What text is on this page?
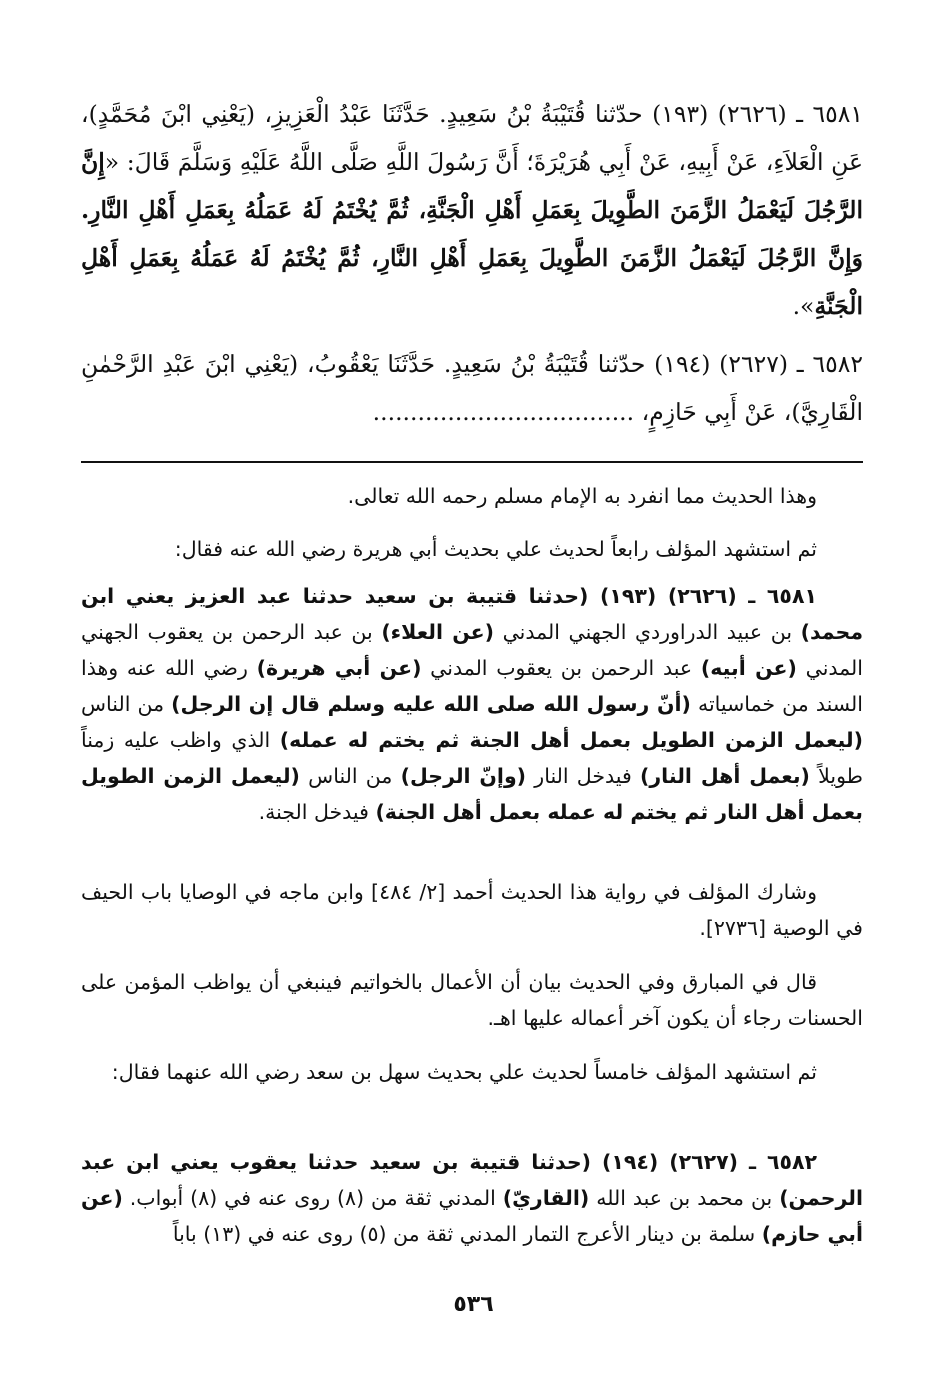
٦٥٨١ ـ (٢٦٢٦) (١٩٣) حدّثنا قُتَيْبَةُ بْنُ سَعِيدٍ. حَدَّثَنَا عَبْدُ الْعَزِيزِ، (يَعْنِي ابْنَ مُحَمَّدٍ)، عَنِ الْعَلاَءِ، عَنْ أَبِيهِ، عَنْ أَبِي هُرَيْرَةَ؛ أَنَّ رَسُولَ اللَّهِ صَلَّى اللَّهُ عَلَيْهِ وَسَلَّمَ قَالَ: «إِنَّ الرَّجُلَ لَيَعْمَلُ الزَّمَنَ الطَّوِيلَ بِعَمَلِ أَهْلِ الْجَنَّةِ، ثُمَّ يُخْتَمُ لَهُ عَمَلُهُ بِعَمَلِ أَهْلِ النَّارِ. وَإِنَّ الرَّجُلَ لَيَعْمَلُ الزَّمَنَ الطَّوِيلَ بِعَمَلِ أَهْلِ النَّارِ، ثُمَّ يُخْتَمُ لَهُ عَمَلُهُ بِعَمَلِ أَهْلِ الْجَنَّةِ».
٦٥٨٢ ـ (٢٦٢٧) (١٩٤) حدّثنا قُتَيْبَةُ بْنُ سَعِيدٍ. حَدَّثَنَا يَعْقُوبُ، (يَعْنِي ابْنَ عَبْدِ الرَّحْمٰنِ الْقَارِيَّ)، عَنْ أَبِي حَازِمٍ، ...................................
وهذا الحديث مما انفرد به الإمام مسلم رحمه الله تعالى.
ثم استشهد المؤلف رابعاً لحديث علي بحديث أبي هريرة رضي الله عنه فقال:
٦٥٨١ ـ (٢٦٢٦) (١٩٣) (حدثنا قتيبة بن سعيد حدثنا عبد العزيز يعني ابن محمد) بن عبيد الدراوردي الجهني المدني (عن العلاء) بن عبد الرحمن بن يعقوب الجهني المدني (عن أبيه) عبد الرحمن بن يعقوب المدني (عن أبي هريرة) رضي الله عنه وهذا السند من خماسياته (أنّ رسول الله صلى الله عليه وسلم قال إن الرجل) من الناس (ليعمل الزمن الطويل بعمل أهل الجنة ثم يختم له عمله) الذي واظب عليه زمناً طويلاً (بعمل أهل النار) فيدخل النار (وإنّ الرجل) من الناس (ليعمل الزمن الطويل بعمل أهل النار ثم يختم له عمله بعمل أهل الجنة) فيدخل الجنة.
وشارك المؤلف في رواية هذا الحديث أحمد [٢/ ٤٨٤] وابن ماجه في الوصايا باب الحيف في الوصية [٢٧٣٦].
قال في المبارق وفي الحديث بيان أن الأعمال بالخواتيم فينبغي أن يواظب المؤمن على الحسنات رجاء أن يكون آخر أعماله عليها اهـ.
ثم استشهد المؤلف خامساً لحديث علي بحديث سهل بن سعد رضي الله عنهما فقال:
٦٥٨٢ ـ (٢٦٢٧) (١٩٤) (حدثنا قتيبة بن سعيد حدثنا يعقوب يعني ابن عبد الرحمن) بن محمد بن عبد الله (القاريّ) المدني ثقة من (٨) روى عنه في (٨) أبواب. (عن أبي حازم) سلمة بن دينار الأعرج التمار المدني ثقة من (٥) روى عنه في (١٣) باباً
٥٣٦
